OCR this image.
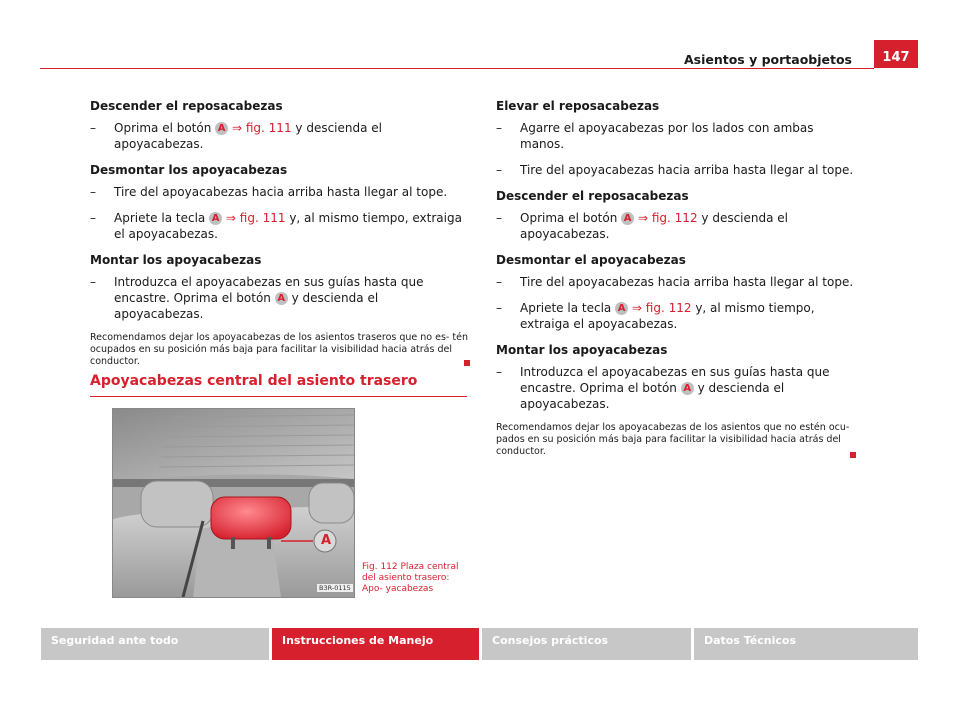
Asientos y portaobjetos	147
Descender el reposacabezas
– Oprima el botón A ⇒ fig. 111 y descienda el apoyacabezas.
Desmontar los apoyacabezas
– Tire del apoyacabezas hacia arriba hasta llegar al tope.
– Apriete la tecla A ⇒ fig. 111 y, al mismo tiempo, extraiga el apoyacabezas.
Montar los apoyacabezas
– Introduzca el apoyacabezas en sus guías hasta que encastre. Oprima el botón A y descienda el apoyacabezas.
Recomendamos dejar los apoyacabezas de los asientos traseros que no es- tén ocupados en su posición más baja para facilitar la visibilidad hacia atrás del conductor.
Apoyacabezas central del asiento trasero
A
B3R-0115
Fig. 112 Plaza central del asiento trasero: Apo- yacabezas
Elevar el reposacabezas
– Agarre el apoyacabezas por los lados con ambas manos.
– Tire del apoyacabezas hacia arriba hasta llegar al tope.
Descender el reposacabezas
– Oprima el botón A ⇒ fig. 112 y descienda el apoyacabezas.
Desmontar el apoyacabezas
– Tire del apoyacabezas hacia arriba hasta llegar al tope.
– Apriete la tecla A ⇒ fig. 112 y, al mismo tiempo, extraiga el apoyacabezas.
Montar los apoyacabezas
– Introduzca el apoyacabezas en sus guías hasta que encastre. Oprima el botón A y descienda el apoyacabezas.
Recomendamos dejar los apoyacabezas de los asientos que no estén ocu- pados en su posición más baja para facilitar la visibilidad hacia atrás del conductor.
Seguridad ante todo	Instrucciones de Manejo	Consejos prácticos	Datos Técnicos
